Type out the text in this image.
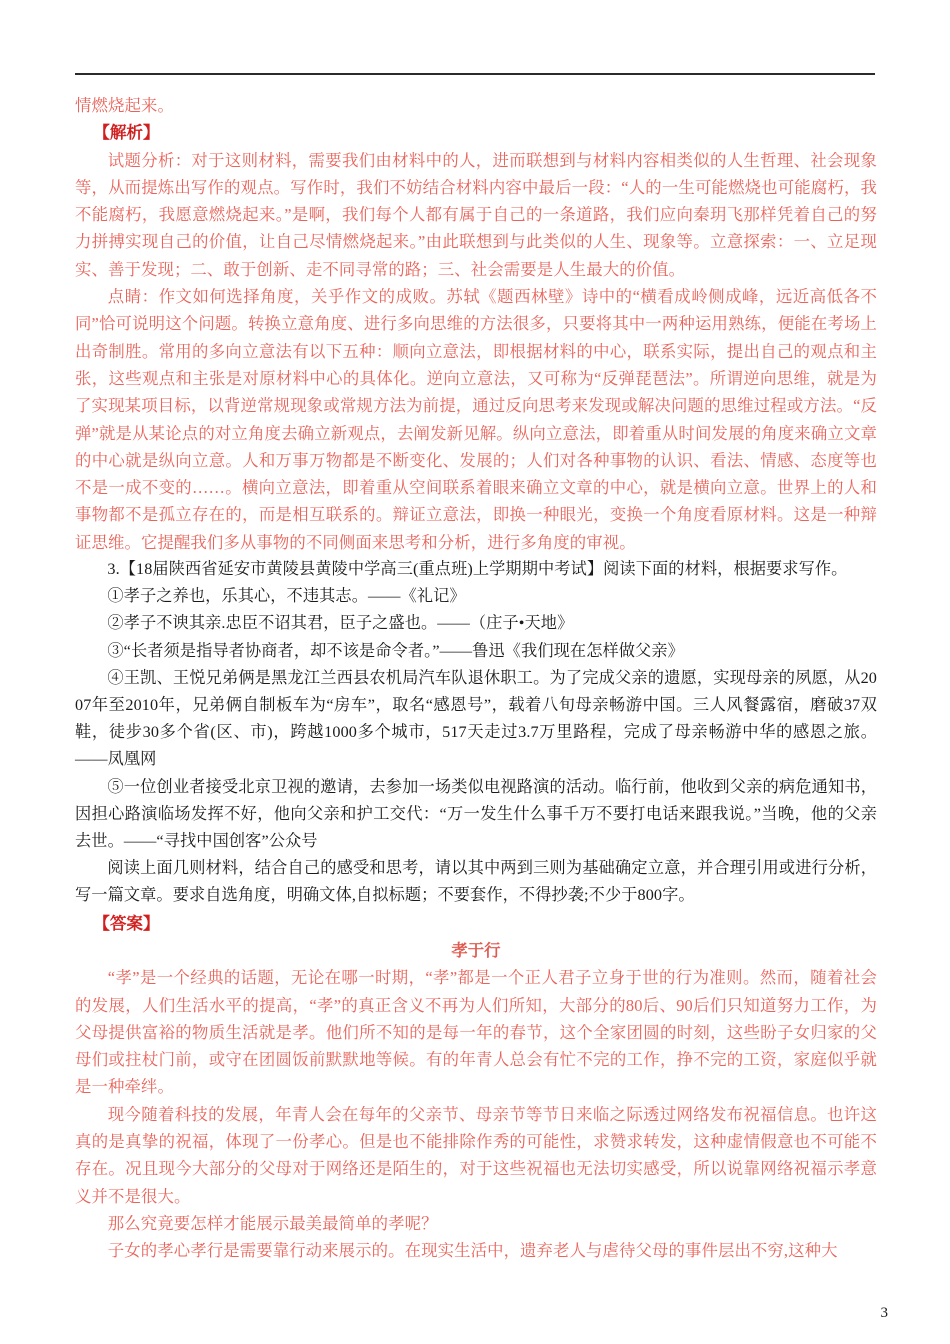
情燃烧起来。

【解析】

试题分析：对于这则材料，需要我们由材料中的人，进而联想到与材料内容相类似的人生哲理、社会现象等，从而提炼出写作的观点。写作时，我们不妨结合材料内容中最后一段：“人的一生可能燃烧也可能腐朽，我不能腐朽，我愿意燃烧起来。”是啊，我们每个人都有属于自己的一条道路，我们应向秦玥飞那样凭着自己的努力拼搏实现自己的价值，让自己尽情燃烧起来。”由此联想到与此类似的人生、现象等。立意探索：一、立足现实、善于发现；二、敢于创新、走不同寻常的路；三、社会需要是人生最大的价值。

点睛：作文如何选择角度，关乎作文的成败。苏轼《题西林壁》诗中的“横看成岭侧成峰，远近高低各不同”恰可说明这个问题。转换立意角度、进行多向思维的方法很多，只要将其中一两种运用熟练，便能在考场上出奇制胜。常用的多向立意法有以下五种：顺向立意法，即根据材料的中心，联系实际，提出自己的观点和主张，这些观点和主张是对原材料中心的具体化。逆向立意法，又可称为“反弹琵琶法”。所谓逆向思维，就是为了实现某项目标，以背逆常规现象或常规方法为前提，通过反向思考来发现或解决问题的思维过程或方法。“反弹”就是从某论点的对立角度去确立新观点，去阐发新见解。纵向立意法，即着重从时间发展的角度来确立文章的中心就是纵向立意。人和万事万物都是不断变化、发展的；人们对各种事物的认识、看法、情感、态度等也不是一成不变的……。横向立意法，即着重从空间联系着眼来确立文章的中心，就是横向立意。世界上的人和事物都不是孤立存在的，而是相互联系的。辩证立意法，即换一种眼光，变换一个角度看原材料。这是一种辩证思维。它提醒我们多从事物的不同侧面来思考和分析，进行多角度的审视。

3.【18届陕西省延安市黄陵县黄陵中学高三(重点班)上学期期中考试】阅读下面的材料，根据要求写作。

①孝子之养也，乐其心，不违其志。——《礼记》

②孝子不谀其亲.忠臣不诏其君，臣子之盛也。——（庄子•天地》

③“长者须是指导者协商者，却不该是命令者。”——鲁迅《我们现在怎样做父亲》

④王凯、王悦兄弟俩是黑龙江兰西县农机局汽车队退休职工。为了完成父亲的遗愿，实现母亲的夙愿，从2007年至2010年，兄弟俩自制板车为“房车”，取名“感恩号”，载着八旬母亲畅游中国。三人风餐露宿，磨破37双鞋，徒步30多个省(区、市)，跨越1000多个城市，517天走过3.7万里路程，完成了母亲畅游中华的感恩之旅。——凤凰网

⑤一位创业者接受北京卫视的邀请，去参加一场类似电视路演的活动。临行前，他收到父亲的病危通知书，因担心路演临场发挥不好，他向父亲和护工交代：“万一发生什么事千万不要打电话来跟我说。”当晚，他的父亲去世。——“寻找中国创客”公众号

阅读上面几则材料，结合自己的感受和思考，请以其中两到三则为基础确定立意，并合理引用或进行分析，写一篇文章。要求自选角度，明确文体,自拟标题；不要套作，不得抄袭;不少于800字。

【答案】

孝于行

“孝”是一个经典的话题，无论在哪一时期，“孝”都是一个正人君子立身于世的行为准则。然而，随着社会的发展，人们生活水平的提高，“孝”的真正含义不再为人们所知，大部分的80后、90后们只知道努力工作，为父母提供富裕的物质生活就是孝。他们所不知的是每一年的春节，这个全家团圆的时刻，这些盼子女归家的父母们或拄杖门前，或守在团圆饭前默默地等候。有的年青人总会有忙不完的工作，挣不完的工资，家庭似乎就是一种牵绊。

现今随着科技的发展，年青人会在每年的父亲节、母亲节等节日来临之际透过网络发布祝福信息。也许这真的是真挚的祝福，体现了一份孝心。但是也不能排除作秀的可能性，求赞求转发，这种虚情假意也不可能不存在。况且现今大部分的父母对于网络还是陌生的，对于这些祝福也无法切实感受，所以说靠网络祝福示孝意义并不是很大。

那么究竟要怎样才能展示最美最简单的孝呢？

子女的孝心孝行是需要靠行动来展示的。在现实生活中，遗弃老人与虐待父母的事件层出不穷,这种大

3
